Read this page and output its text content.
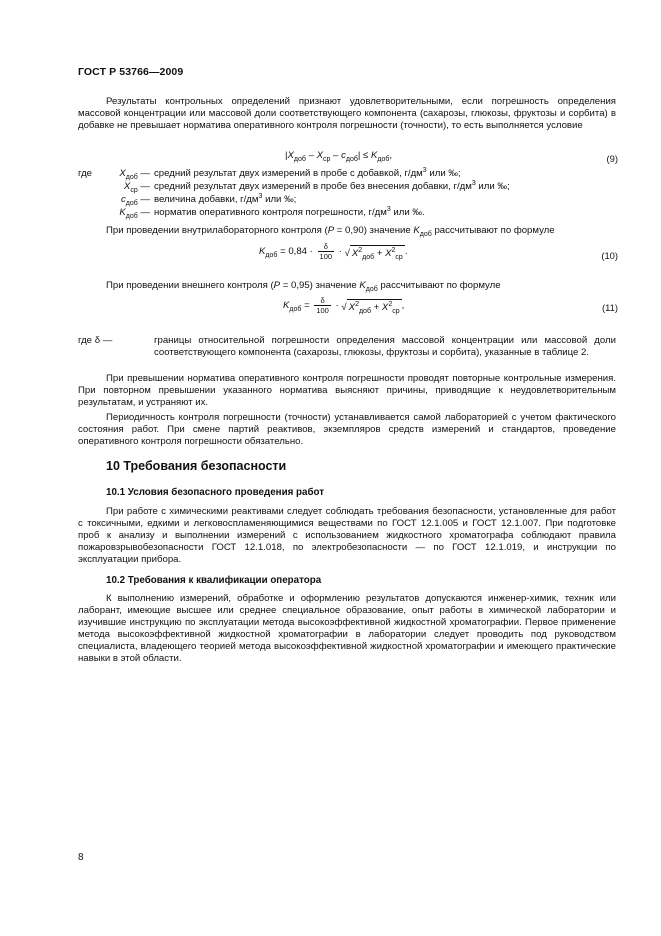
ГОСТ Р 53766—2009
Результаты контрольных определений признают удовлетворительными, если погрешность определения массовой концентрации или массовой доли соответствующего компонента (сахарозы, глюкозы, фруктозы и сорбита) в добавке не превышает норматива оперативного контроля погрешности (точности), то есть выполняется условие
$|X_{доб} - X_{ср} - c_{доб}| \le K_{доб}$,	(9)
где	$X_{доб}$ — средний результат двух измерений в пробе с добавкой, $г/дм^3$ или ‰;
$X_{ср}$ — средний результат двух измерений в пробе без внесения добавки, $г/дм^3$ или ‰;
$c_{доб}$ — величина добавки, $г/дм^3$ или ‰;
$K_{доб}$ — норматив оперативного контроля погрешности, $г/дм^3$ или ‰.
При проведении внутрилабораторного контроля (P = 0,90) значение $K_{доб}$ рассчитывают по формуле
$K_{доб} = 0,84 \cdot \frac{\delta}{100}$ · √ $X^2_{доб} + X^2_{ср}$ .	(10)
При проведении внешнего контроля (P = 0,95) значение $K_{доб}$ рассчитывают по формуле
$K_{доб} = \frac{\delta}{100}$ · √ $X^2_{доб} + X^2_{ср}$ ,	(11)
где δ —	границы относительной погрешности определения массовой концентрации или массовой доли соответствующего компонента (сахарозы, глюкозы, фруктозы и сорбита), указанные в таблице 2.
При превышении норматива оперативного контроля погрешности проводят повторные контрольные измерения. При повторном превышении указанного норматива выясняют причины, приводящие к неудовлетворительным результатам, и устраняют их.
Периодичность контроля погрешности (точности) устанавливается самой лабораторией с учетом фактического состояния работ. При смене партий реактивов, экземпляров средств измерений и стандартов, проведение оперативного контроля погрешности обязательно.
10 Требования безопасности
10.1 Условия безопасного проведения работ
При работе с химическими реактивами следует соблюдать требования безопасности, установленные для работ с токсичными, едкими и легковоспламеняющимися веществами по ГОСТ 12.1.005 и ГОСТ 12.1.007. При подготовке проб к анализу и выполнении измерений с использованием жидкостного хроматографа соблюдают правила пожаровзрывобезопасности ГОСТ 12.1.018, по электробезопасности — по ГОСТ 12.1.019, и инструкции по эксплуатации прибора.
10.2 Требования к квалификации оператора
К выполнению измерений, обработке и оформлению результатов допускаются инженер-химик, техник или лаборант, имеющие высшее или среднее специальное образование, опыт работы в химической лаборатории и изучившие инструкцию по эксплуатации метода высокоэффективной жидкостной хроматографии. Первое применение метода высокоэффективной жидкостной хроматографии в лаборатории следует проводить под руководством специалиста, владеющего теорией метода высокоэффективной жидкостной хроматографии и имеющего практические навыки в этой области.
8
